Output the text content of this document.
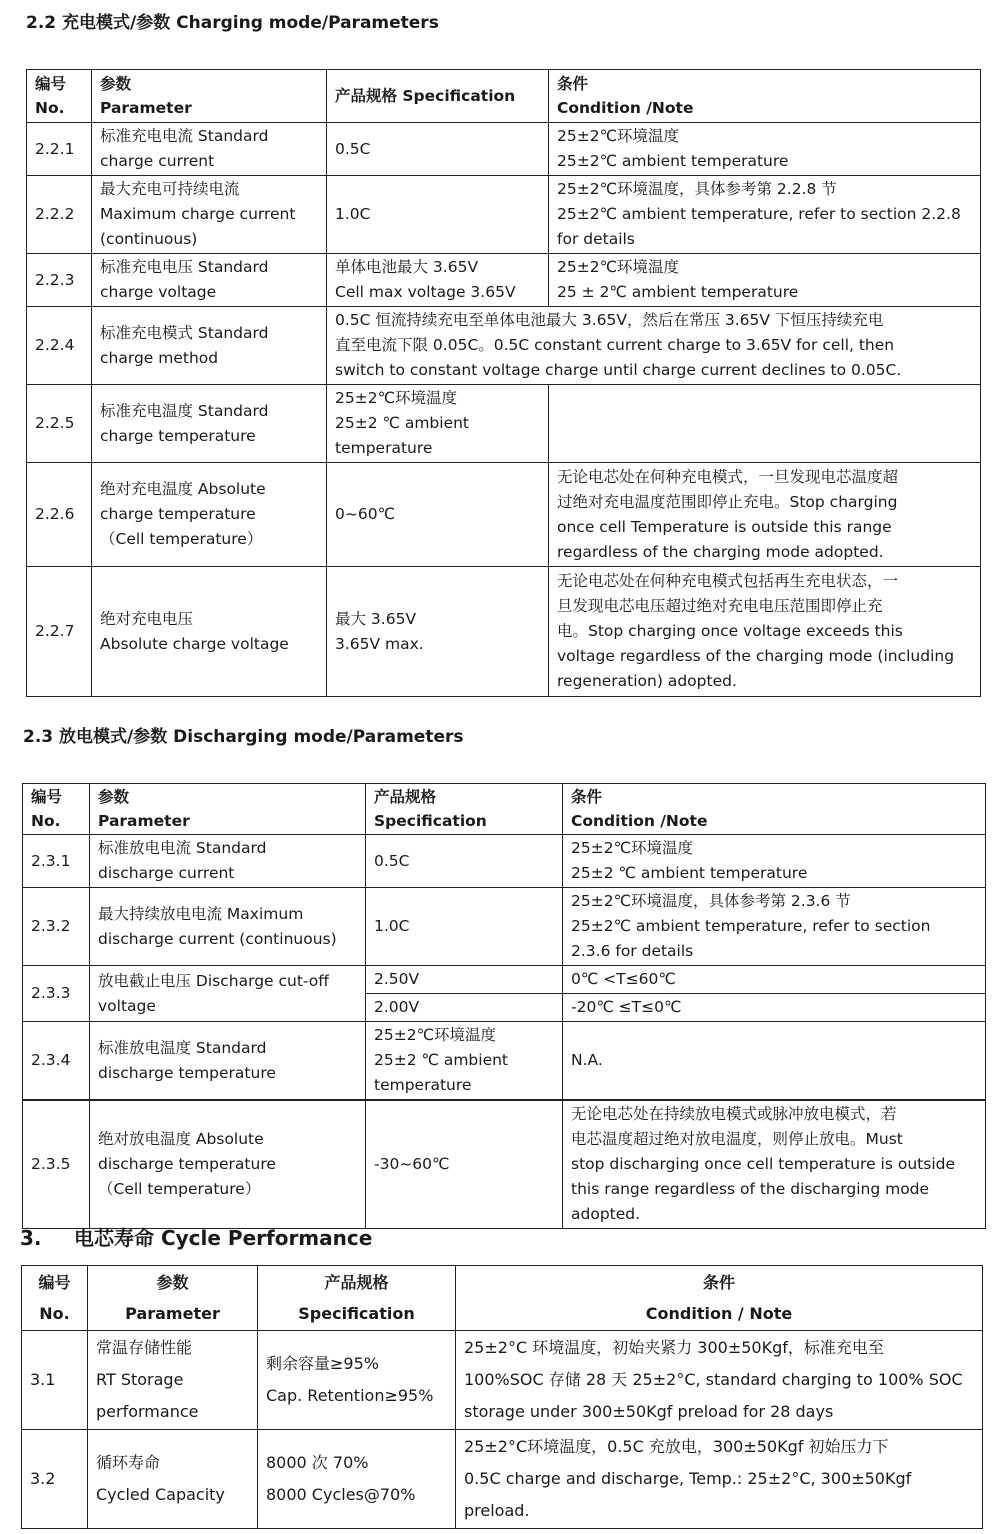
2.2 充电模式/参数 Charging mode/Parameters
编号
No.	参数
Parameter	产品规格 Specification	条件
Condition /Note

2.2.1	标准充电电流 Standard
charge current	0.5C	25±2℃环境温度
25±2℃ ambient temperature

2.2.2	最大充电可持续电流
Maximum charge current
(continuous)	1.0C	25±2℃环境温度，具体参考第 2.2.8 节
25±2℃ ambient temperature, refer to section 2.2.8
for details

2.2.3	标准充电电压 Standard
charge voltage	单体电池最大 3.65V
Cell max voltage 3.65V	25±2℃环境温度
25 ± 2℃ ambient temperature

2.2.4	标准充电模式 Standard
charge method	0.5C 恒流持续充电至单体电池最大 3.65V，然后在常压 3.65V 下恒压持续充电
直至电流下限 0.05C。0.5C constant current charge to 3.65V for cell, then
switch to constant voltage charge until charge current declines to 0.05C.	

2.2.5	标准充电温度 Standard
charge temperature	25±2℃环境温度
25±2 ℃ ambient
temperature	

2.2.6	绝对充电温度 Absolute
charge temperature
（Cell temperature）	0~60℃	无论电芯处在何种充电模式，一旦发现电芯温度超
过绝对充电温度范围即停止充电。Stop charging
once cell Temperature is outside this range
regardless of the charging mode adopted.

2.2.7	绝对充电电压
Absolute charge voltage	最大 3.65V
3.65V max.	无论电芯处在何种充电模式包括再生充电状态，一
旦发现电芯电压超过绝对充电电压范围即停止充
电。Stop charging once voltage exceeds this
voltage regardless of the charging mode (including
regeneration) adopted.
2.3 放电模式/参数 Discharging mode/Parameters
编号
No.	参数
Parameter	产品规格
Specification	条件
Condition /Note

2.3.1	标准放电电流 Standard
discharge current	0.5C	25±2℃环境温度
25±2 ℃ ambient temperature

2.3.2	最大持续放电电流 Maximum
discharge current (continuous)	1.0C	25±2℃环境温度，具体参考第 2.3.6 节
25±2℃ ambient temperature, refer to section
2.3.6 for details

2.3.3	放电截止电压 Discharge cut-off
voltage	2.50V	0℃ <T≤60℃
		2.00V	-20℃ ≤T≤0℃
2.3.4	标准放电温度 Standard
discharge temperature	25±2℃环境温度
25±2 ℃ ambient
temperature	N.A.

2.3.5	绝对放电温度 Absolute
discharge temperature
（Cell temperature）	-30~60℃	无论电芯处在持续放电模式或脉冲放电模式，若
电芯温度超过绝对放电温度，则停止放电。Must
stop discharging once cell temperature is outside
this range regardless of the discharging mode
adopted.
3. 电芯寿命 Cycle Performance
编号
No.	参数
Parameter	产品规格
Specification	条件
Condition / Note

3.1	常温存储性能
RT Storage
performance	剩余容量≥95%
Cap. Retention≥95%	25±2°C 环境温度，初始夹紧力 300±50Kgf，标准充电至
100%SOC 存储 28 天 25±2°C, standard charging to 100% SOC
storage under 300±50Kgf preload for 28 days

3.2	循环寿命
Cycled Capacity	8000 次 70%
8000 Cycles@70%	25±2°C环境温度，0.5C 充放电，300±50Kgf 初始压力下
0.5C charge and discharge, Temp.: 25±2°C, 300±50Kgf
preload.
